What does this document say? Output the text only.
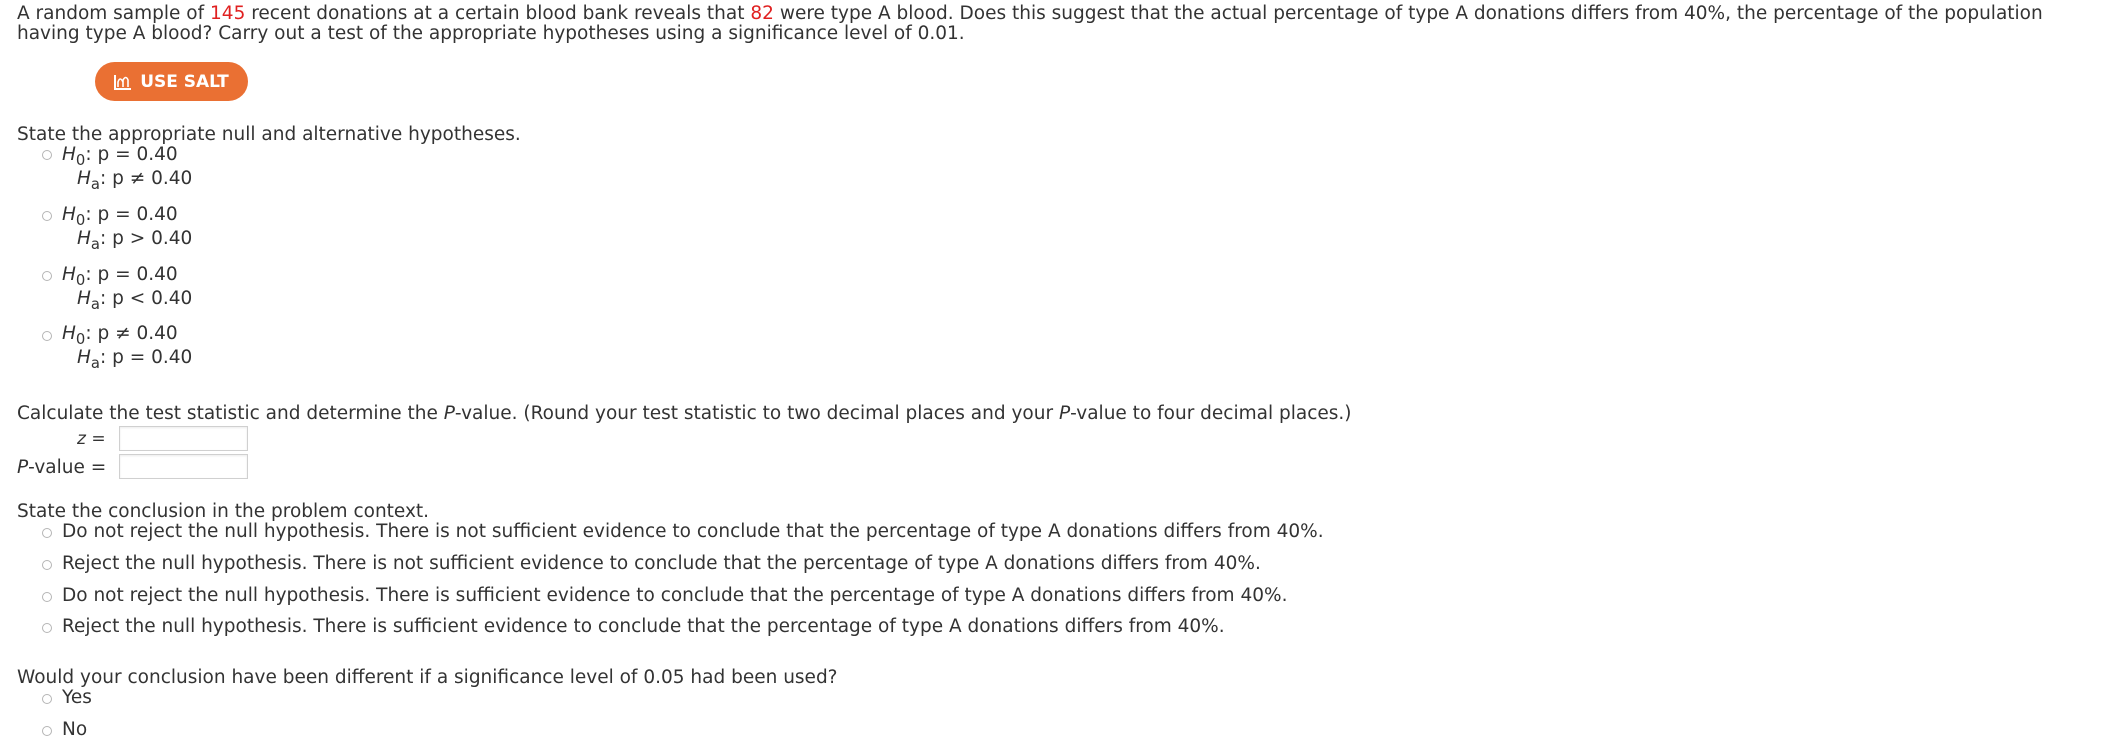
A random sample of 145 recent donations at a certain blood bank reveals that 82 were type A blood. Does this suggest that the actual percentage of type A donations differs from 40%, the percentage of the population having type A blood? Carry out a test of the appropriate hypotheses using a significance level of 0.01.
USE SALT
State the appropriate null and alternative hypotheses.
$H_0$: p = 0.40
$H_a$: p ≠ 0.40
$H_0$: p = 0.40
$H_a$: p > 0.40
$H_0$: p = 0.40
$H_a$: p < 0.40
$H_0$: p ≠ 0.40
$H_a$: p = 0.40
Calculate the test statistic and determine the P-value. (Round your test statistic to two decimal places and your P-value to four decimal places.)
z =
P-value =
State the conclusion in the problem context.
Do not reject the null hypothesis. There is not sufficient evidence to conclude that the percentage of type A donations differs from 40%.
Reject the null hypothesis. There is not sufficient evidence to conclude that the percentage of type A donations differs from 40%.
Do not reject the null hypothesis. There is sufficient evidence to conclude that the percentage of type A donations differs from 40%.
Reject the null hypothesis. There is sufficient evidence to conclude that the percentage of type A donations differs from 40%.
Would your conclusion have been different if a significance level of 0.05 had been used?
Yes
No
